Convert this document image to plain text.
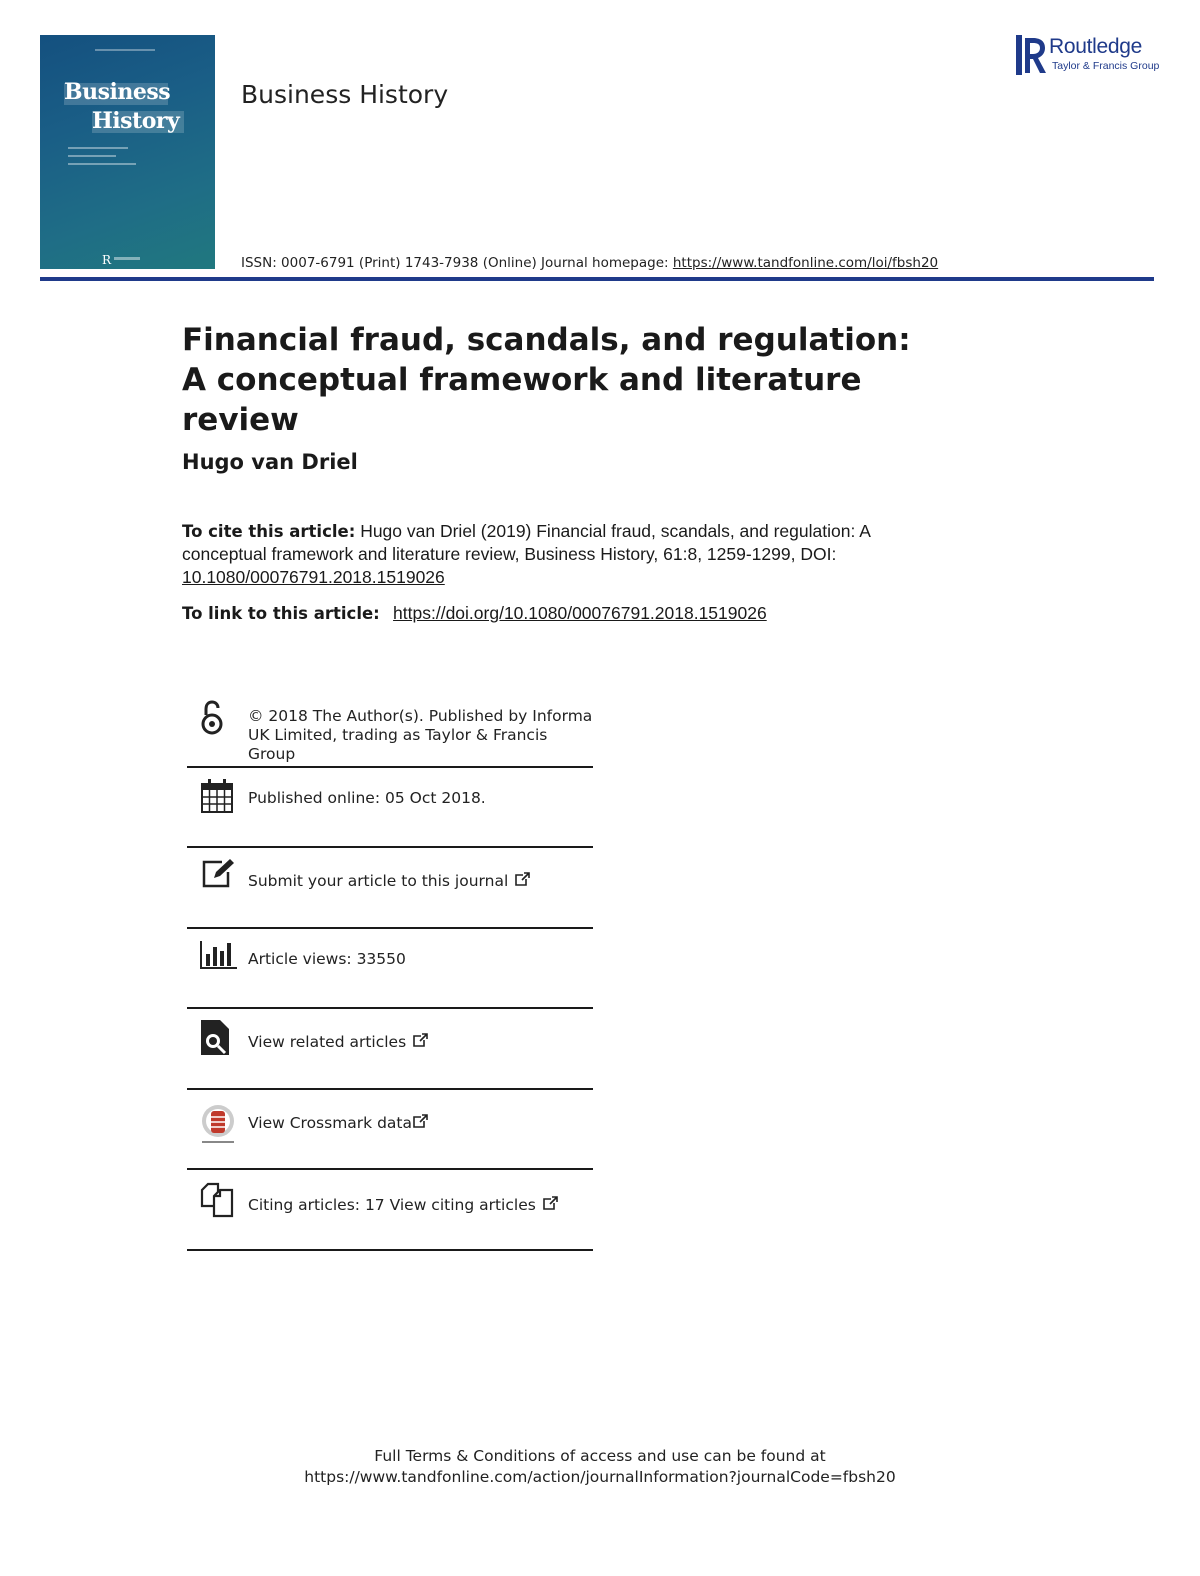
Business
History
R
Business History
ISSN: 0007-6791 (Print) 1743-7938 (Online) Journal homepage: https://www.tandfonline.com/loi/fbsh20
Routledge
Taylor & Francis Group
Financial fraud, scandals, and regulation: A conceptual framework and literature review
Hugo van Driel
To cite this article: Hugo van Driel (2019) Financial fraud, scandals, and regulation: A conceptual framework and literature review, Business History, 61:8, 1259-1299, DOI:
10.1080/00076791.2018.1519026
To link to this article: https://doi.org/10.1080/00076791.2018.1519026
© 2018 The Author(s). Published by Informa UK Limited, trading as Taylor & Francis Group
Published online: 05 Oct 2018.
Submit your article to this journal
Article views: 33550
View related articles
View Crossmark data
Citing articles: 17 View citing articles
Full Terms & Conditions of access and use can be found at
https://www.tandfonline.com/action/journalInformation?journalCode=fbsh20
